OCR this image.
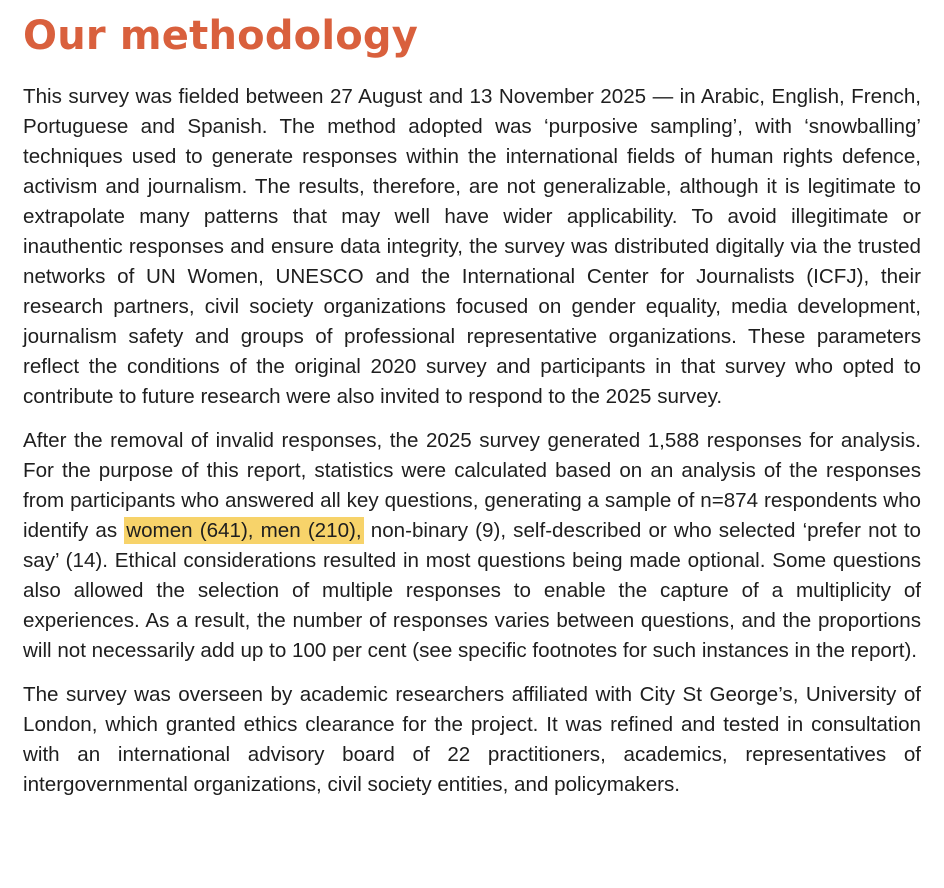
Our methodology

This survey was fielded between 27 August and 13 November 2025 — in Arabic, English, French, Portuguese and Spanish. The method adopted was ‘purposive sampling’, with ‘snowballing’ techniques used to generate responses within the international fields of human rights defence, activism and journalism. The results, therefore, are not generalizable, although it is legitimate to extrapolate many patterns that may well have wider applicability. To avoid illegitimate or inauthentic responses and ensure data integrity, the survey was distributed digitally via the trusted networks of UN Women, UNESCO and the International Center for Journalists (ICFJ), their research partners, civil society organizations focused on gender equality, media development, journalism safety and groups of professional representative organizations. These parameters reflect the conditions of the original 2020 survey and participants in that survey who opted to contribute to future research were also invited to respond to the 2025 survey.

After the removal of invalid responses, the 2025 survey generated 1,588 responses for analysis. For the purpose of this report, statistics were calculated based on an analysis of the responses from participants who answered all key questions, generating a sample of n=874 respondents who identify as women (641), men (210), non-binary (9), self-described or who selected ‘prefer not to say’ (14). Ethical considerations resulted in most questions being made optional. Some questions also allowed the selection of multiple responses to enable the capture of a multiplicity of experiences. As a result, the number of responses varies between questions, and the proportions will not necessarily add up to 100 per cent (see specific footnotes for such instances in the report).

The survey was overseen by academic researchers affiliated with City St George’s, University of London, which granted ethics clearance for the project. It was refined and tested in consultation with an international advisory board of 22 practitioners, academics, representatives of intergovernmental organizations, civil society entities, and policymakers.
